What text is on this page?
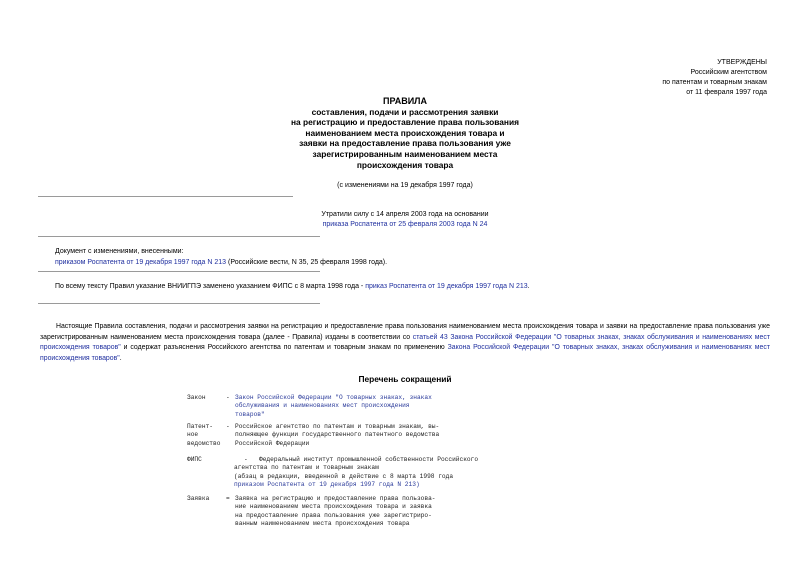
УТВЕРЖДЕНЫ
Российским агентством
по патентам и товарным знакам
от 11 февраля 1997 года
ПРАВИЛА
составления, подачи и рассмотрения заявки
на регистрацию и предоставление права пользования
наименованием места происхождения товара и
заявки на предоставление права пользования уже
зарегистрированным наименованием места
происхождения товара
(с изменениями на 19 декабря 1997 года)
Утратили силу с 14 апреля 2003 года на основании
приказа Роспатента от 25 февраля 2003 года N 24
Документ с изменениями, внесенными:
приказом Роспатента от 19 декабря 1997 года N 213 (Российские вести, N 35, 25 февраля 1998 года).
По всему тексту Правил указание ВНИИГПЭ заменено указанием ФИПС с 8 марта 1998 года - приказ Роспатента от 19 декабря 1997 года N 213.
Настоящие Правила составления, подачи и рассмотрения заявки на регистрацию и предоставление права пользования наименованием места происхождения товара и заявки на предоставление права пользования уже зарегистрированным наименованием места происхождения товара (далее - Правила) изданы в соответствии со статьей 43 Закона Российской Федерации "О товарных знаках, знаках обслуживания и наименованиях мест происхождения товаров" и содержат разъяснения Российского агентства по патентам и товарным знакам по применению Закона Российской Федерации "О товарных знаках, знаках обслуживания и наименованиях мест происхождения товаров".
Перечень сокращений
Закон	- Закон Российской Федерации "О товарных знаках, знаках
обслуживания и наименованиях мест происхождения
товаров"
Патент-
ное
ведомство
- Российское агентство по патентам и товарным знакам, вы-
полняющее функции государственного патентного ведомства
Российской Федерации
ФИПС	-	Федеральный институт промышленной собственности Российского
агентства по патентам и товарным знакам
(абзац в редакции, введенной в действие с 8 марта 1998 года
приказом Роспатента от 19 декабря 1997 года N 213)
Заявка	= Заявка на регистрацию и предоставление права пользова-
ние наименованием места происхождения товара и заявка
на предоставление права пользования уже зарегистриро-
ванным наименованием места происхождения товара
